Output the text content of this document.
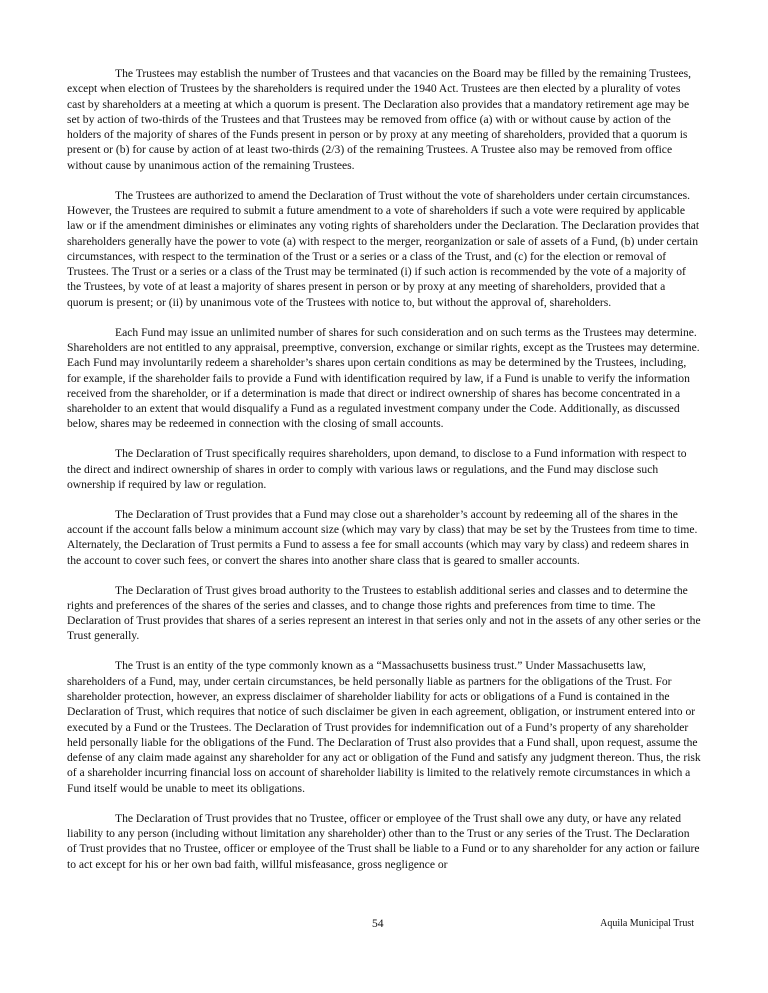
The Trustees may establish the number of Trustees and that vacancies on the Board may be filled by the remaining Trustees, except when election of Trustees by the shareholders is required under the 1940 Act. Trustees are then elected by a plurality of votes cast by shareholders at a meeting at which a quorum is present. The Declaration also provides that a mandatory retirement age may be set by action of two-thirds of the Trustees and that Trustees may be removed from office (a) with or without cause by action of the holders of the majority of shares of the Funds present in person or by proxy at any meeting of shareholders, provided that a quorum is present or (b) for cause by action of at least two-thirds (2/3) of the remaining Trustees. A Trustee also may be removed from office without cause by unanimous action of the remaining Trustees.

The Trustees are authorized to amend the Declaration of Trust without the vote of shareholders under certain circumstances. However, the Trustees are required to submit a future amendment to a vote of shareholders if such a vote were required by applicable law or if the amendment diminishes or eliminates any voting rights of shareholders under the Declaration. The Declaration provides that shareholders generally have the power to vote (a) with respect to the merger, reorganization or sale of assets of a Fund, (b) under certain circumstances, with respect to the termination of the Trust or a series or a class of the Trust, and (c) for the election or removal of Trustees. The Trust or a series or a class of the Trust may be terminated (i) if such action is recommended by the vote of a majority of the Trustees, by vote of at least a majority of shares present in person or by proxy at any meeting of shareholders, provided that a quorum is present; or (ii) by unanimous vote of the Trustees with notice to, but without the approval of, shareholders.

Each Fund may issue an unlimited number of shares for such consideration and on such terms as the Trustees may determine. Shareholders are not entitled to any appraisal, preemptive, conversion, exchange or similar rights, except as the Trustees may determine. Each Fund may involuntarily redeem a shareholder’s shares upon certain conditions as may be determined by the Trustees, including, for example, if the shareholder fails to provide a Fund with identification required by law, if a Fund is unable to verify the information received from the shareholder, or if a determination is made that direct or indirect ownership of shares has become concentrated in a shareholder to an extent that would disqualify a Fund as a regulated investment company under the Code. Additionally, as discussed below, shares may be redeemed in connection with the closing of small accounts.

The Declaration of Trust specifically requires shareholders, upon demand, to disclose to a Fund information with respect to the direct and indirect ownership of shares in order to comply with various laws or regulations, and the Fund may disclose such ownership if required by law or regulation.

The Declaration of Trust provides that a Fund may close out a shareholder’s account by redeeming all of the shares in the account if the account falls below a minimum account size (which may vary by class) that may be set by the Trustees from time to time. Alternately, the Declaration of Trust permits a Fund to assess a fee for small accounts (which may vary by class) and redeem shares in the account to cover such fees, or convert the shares into another share class that is geared to smaller accounts.

The Declaration of Trust gives broad authority to the Trustees to establish additional series and classes and to determine the rights and preferences of the shares of the series and classes, and to change those rights and preferences from time to time. The Declaration of Trust provides that shares of a series represent an interest in that series only and not in the assets of any other series or the Trust generally.

The Trust is an entity of the type commonly known as a “Massachusetts business trust.” Under Massachusetts law, shareholders of a Fund, may, under certain circumstances, be held personally liable as partners for the obligations of the Trust. For shareholder protection, however, an express disclaimer of shareholder liability for acts or obligations of a Fund is contained in the Declaration of Trust, which requires that notice of such disclaimer be given in each agreement, obligation, or instrument entered into or executed by a Fund or the Trustees. The Declaration of Trust provides for indemnification out of a Fund’s property of any shareholder held personally liable for the obligations of the Fund. The Declaration of Trust also provides that a Fund shall, upon request, assume the defense of any claim made against any shareholder for any act or obligation of the Fund and satisfy any judgment thereon. Thus, the risk of a shareholder incurring financial loss on account of shareholder liability is limited to the relatively remote circumstances in which a Fund itself would be unable to meet its obligations.

The Declaration of Trust provides that no Trustee, officer or employee of the Trust shall owe any duty, or have any related liability to any person (including without limitation any shareholder) other than to the Trust or any series of the Trust. The Declaration of Trust provides that no Trustee, officer or employee of the Trust shall be liable to a Fund or to any shareholder for any action or failure to act except for his or her own bad faith, willful misfeasance, gross negligence or

54	Aquila Municipal Trust
